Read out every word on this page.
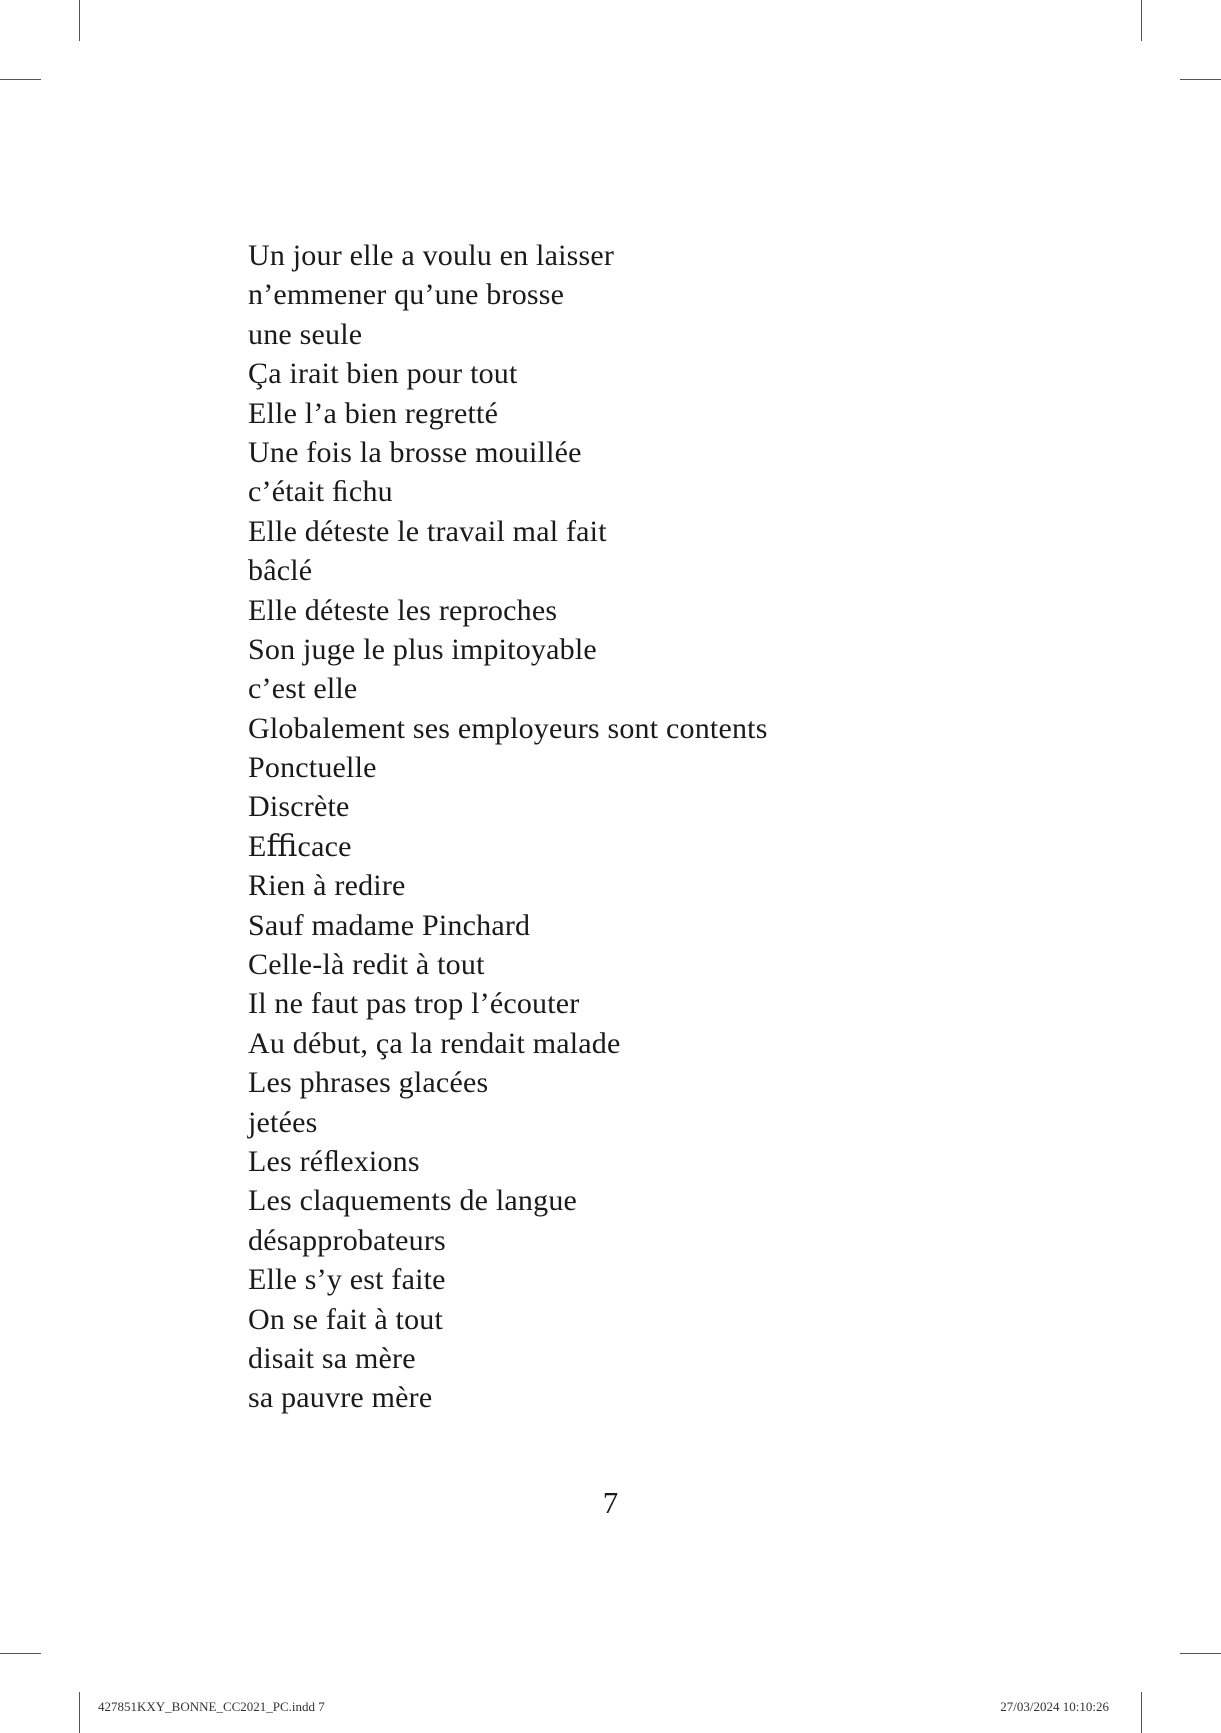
Un jour elle a voulu en laisser
n’emmener qu’une brosse
une seule
Ça irait bien pour tout
Elle l’a bien regretté
Une fois la brosse mouillée
c’était ﬁchu
Elle déteste le travail mal fait
bâclé
Elle déteste les reproches
Son juge le plus impitoyable
c’est elle
Globalement ses employeurs sont contents
Ponctuelle
Discrète
Eﬃcace
Rien à redire
Sauf madame Pinchard
Celle-là redit à tout
Il ne faut pas trop l’écouter
Au début, ça la rendait malade
Les phrases glacées
jetées
Les réﬂexions
Les claquements de langue
désapprobateurs
Elle s’y est faite
On se fait à tout
disait sa mère
sa pauvre mère
7
427851KXY_BONNE_CC2021_PC.indd 7	27/03/2024 10:10:26
